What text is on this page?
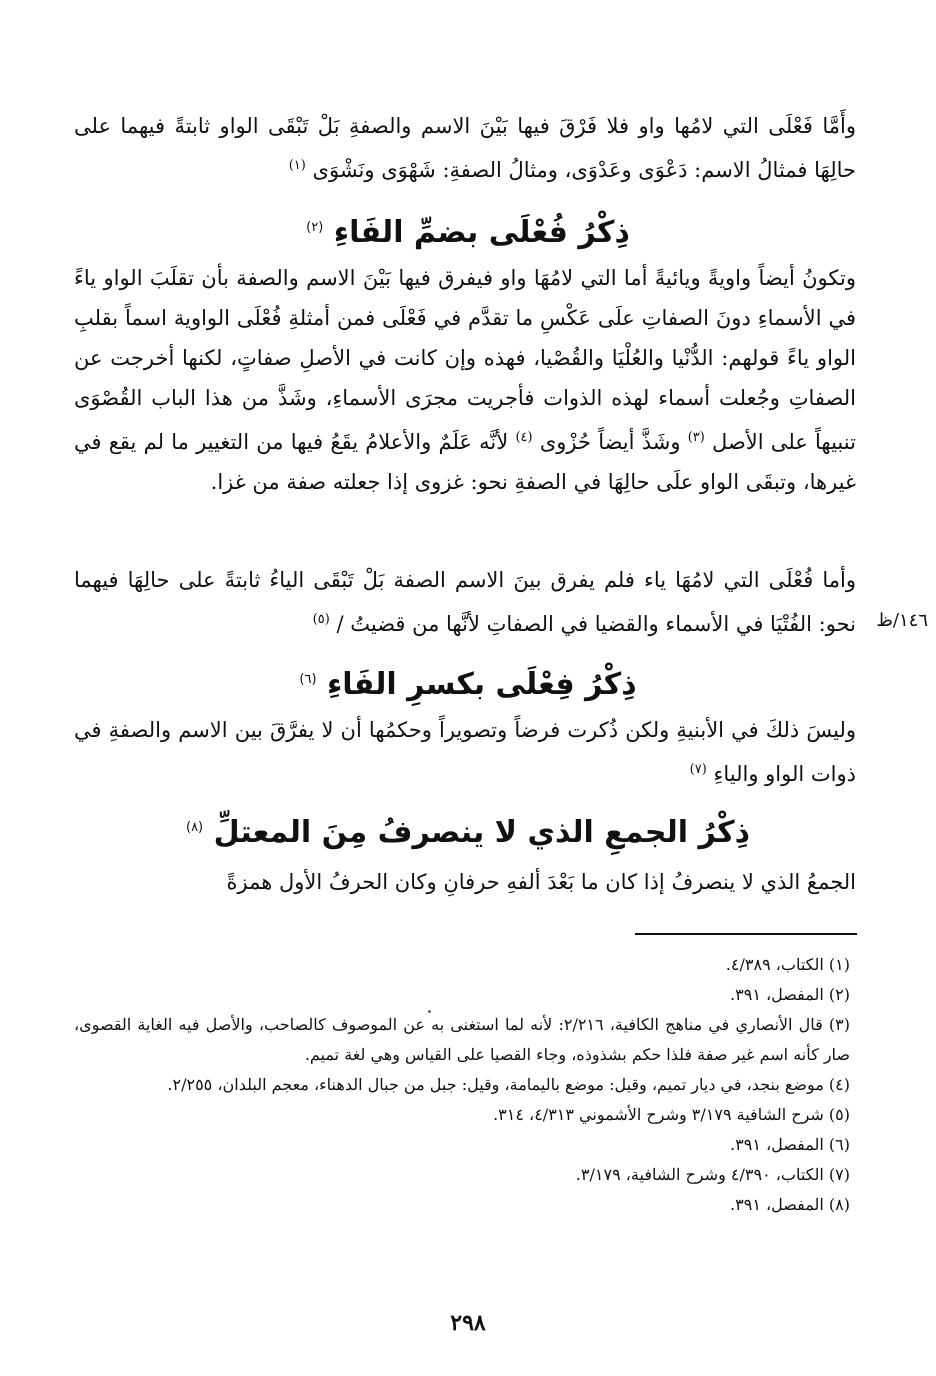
وأَمَّا فَعْلَى التي لامُها واو فلا فَرْقَ فيها بَيْنَ الاسم والصفةِ بَلْ تَبْقَى الواو ثابتةً فيهما على حالِهَا فمثالُ الاسم: دَعْوَى وعَدْوَى، ومثالُ الصفةِ: شَهْوَى ونَشْوَى $^{(١)}$
ذِكْرُ فُعْلَى بضمِّ الفَاءِ $^{(٢)}$
وتكونُ أيضاً واويةً ويائيةً أما التي لامُهَا واو فيفرق فيها بَيْنَ الاسم والصفة بأن تقلَبَ الواو ياءً في الأسماءِ دونَ الصفاتِ علَى عَكْسِ ما تقدَّم في فَعْلَى فمن أمثلةِ فُعْلَى الواوية اسماً بقلبِ الواو ياءً قولهم: الدُّنْيا والعُلْيَا والقُصْيا، فهذه وإن كانت في الأصلِ صفاتٍ، لكنها أخرجت عن الصفاتِ وجُعلت أسماء لهذه الذوات فأجريت مجرَى الأسماءِ، وشَذَّ من هذا الباب القُصْوَى تنبيهاً على الأصل $^{(٣)}$ وشَذَّ أيضاً حُزْوى $^{(٤)}$ لأنَّه عَلَمٌ والأعلامُ يقَعُ فيها من التغيير ما لم يقع في غيرها، وتبقَى الواو علَى حالِهَا في الصفةِ نحو: غزوى إذا جعلته صفة من غزا.
وأما فُعْلَى التي لامُهَا ياء فلم يفرق بينَ الاسم الصفة بَلْ تَبْقَى الياءُ ثابتةً على حالِهَا فيهما نحو: الفُتْيَا في الأسماء والقضيا في الصفاتِ لأنَّها من قضيتُ / $^{(٥)}$	١٤٦/ظ
ذِكْرُ فِعْلَى بكسرِ الفَاءِ $^{(٦)}$
وليسَ ذلكَ في الأبنيةِ ولكن ذُكرت فرضاً وتصويراً وحكمُها أن لا يفرَّقَ بين الاسم والصفةِ في ذوات الواو والياءِ $^{(٧)}$
ذِكْرُ الجمعِ الذي لا ينصرفُ مِنَ المعتلِّ $^{(٨)}$
الجمعُ الذي لا ينصرفُ إذا كان ما بَعْدَ ألفهِ حرفانِ وكان الحرفُ الأول همزةً

(١) الكتاب، ٤/٣٨٩.

(٢) المفصل، ٣٩١.

(٣) قال الأنصاري في مناهج الكافية، ٢/٢١٦: لأنه لما استغنى به عن الموصوف كالصاحب، والأصل فيه الغاية القصوى، صار كأنه اسم غير صفة فلذا حكم بشذوذه، وجاء القصيا على القياس وهي لغة تميم.

(٤) موضع بنجد، في ديار تميم، وقيل: موضع باليمامة، وقيل: جبل من جبال الدهناء، معجم البلدان، ٢/٢٥٥.

(٥) شرح الشافية ٣/١٧٩ وشرح الأشموني ٤/٣١٣، ٣١٤.

(٦) المفصل، ٣٩١.

(٧) الكتاب، ٤/٣٩٠ وشرح الشافية، ٣/١٧٩.

(٨) المفصل، ٣٩١.

٢٩٨
